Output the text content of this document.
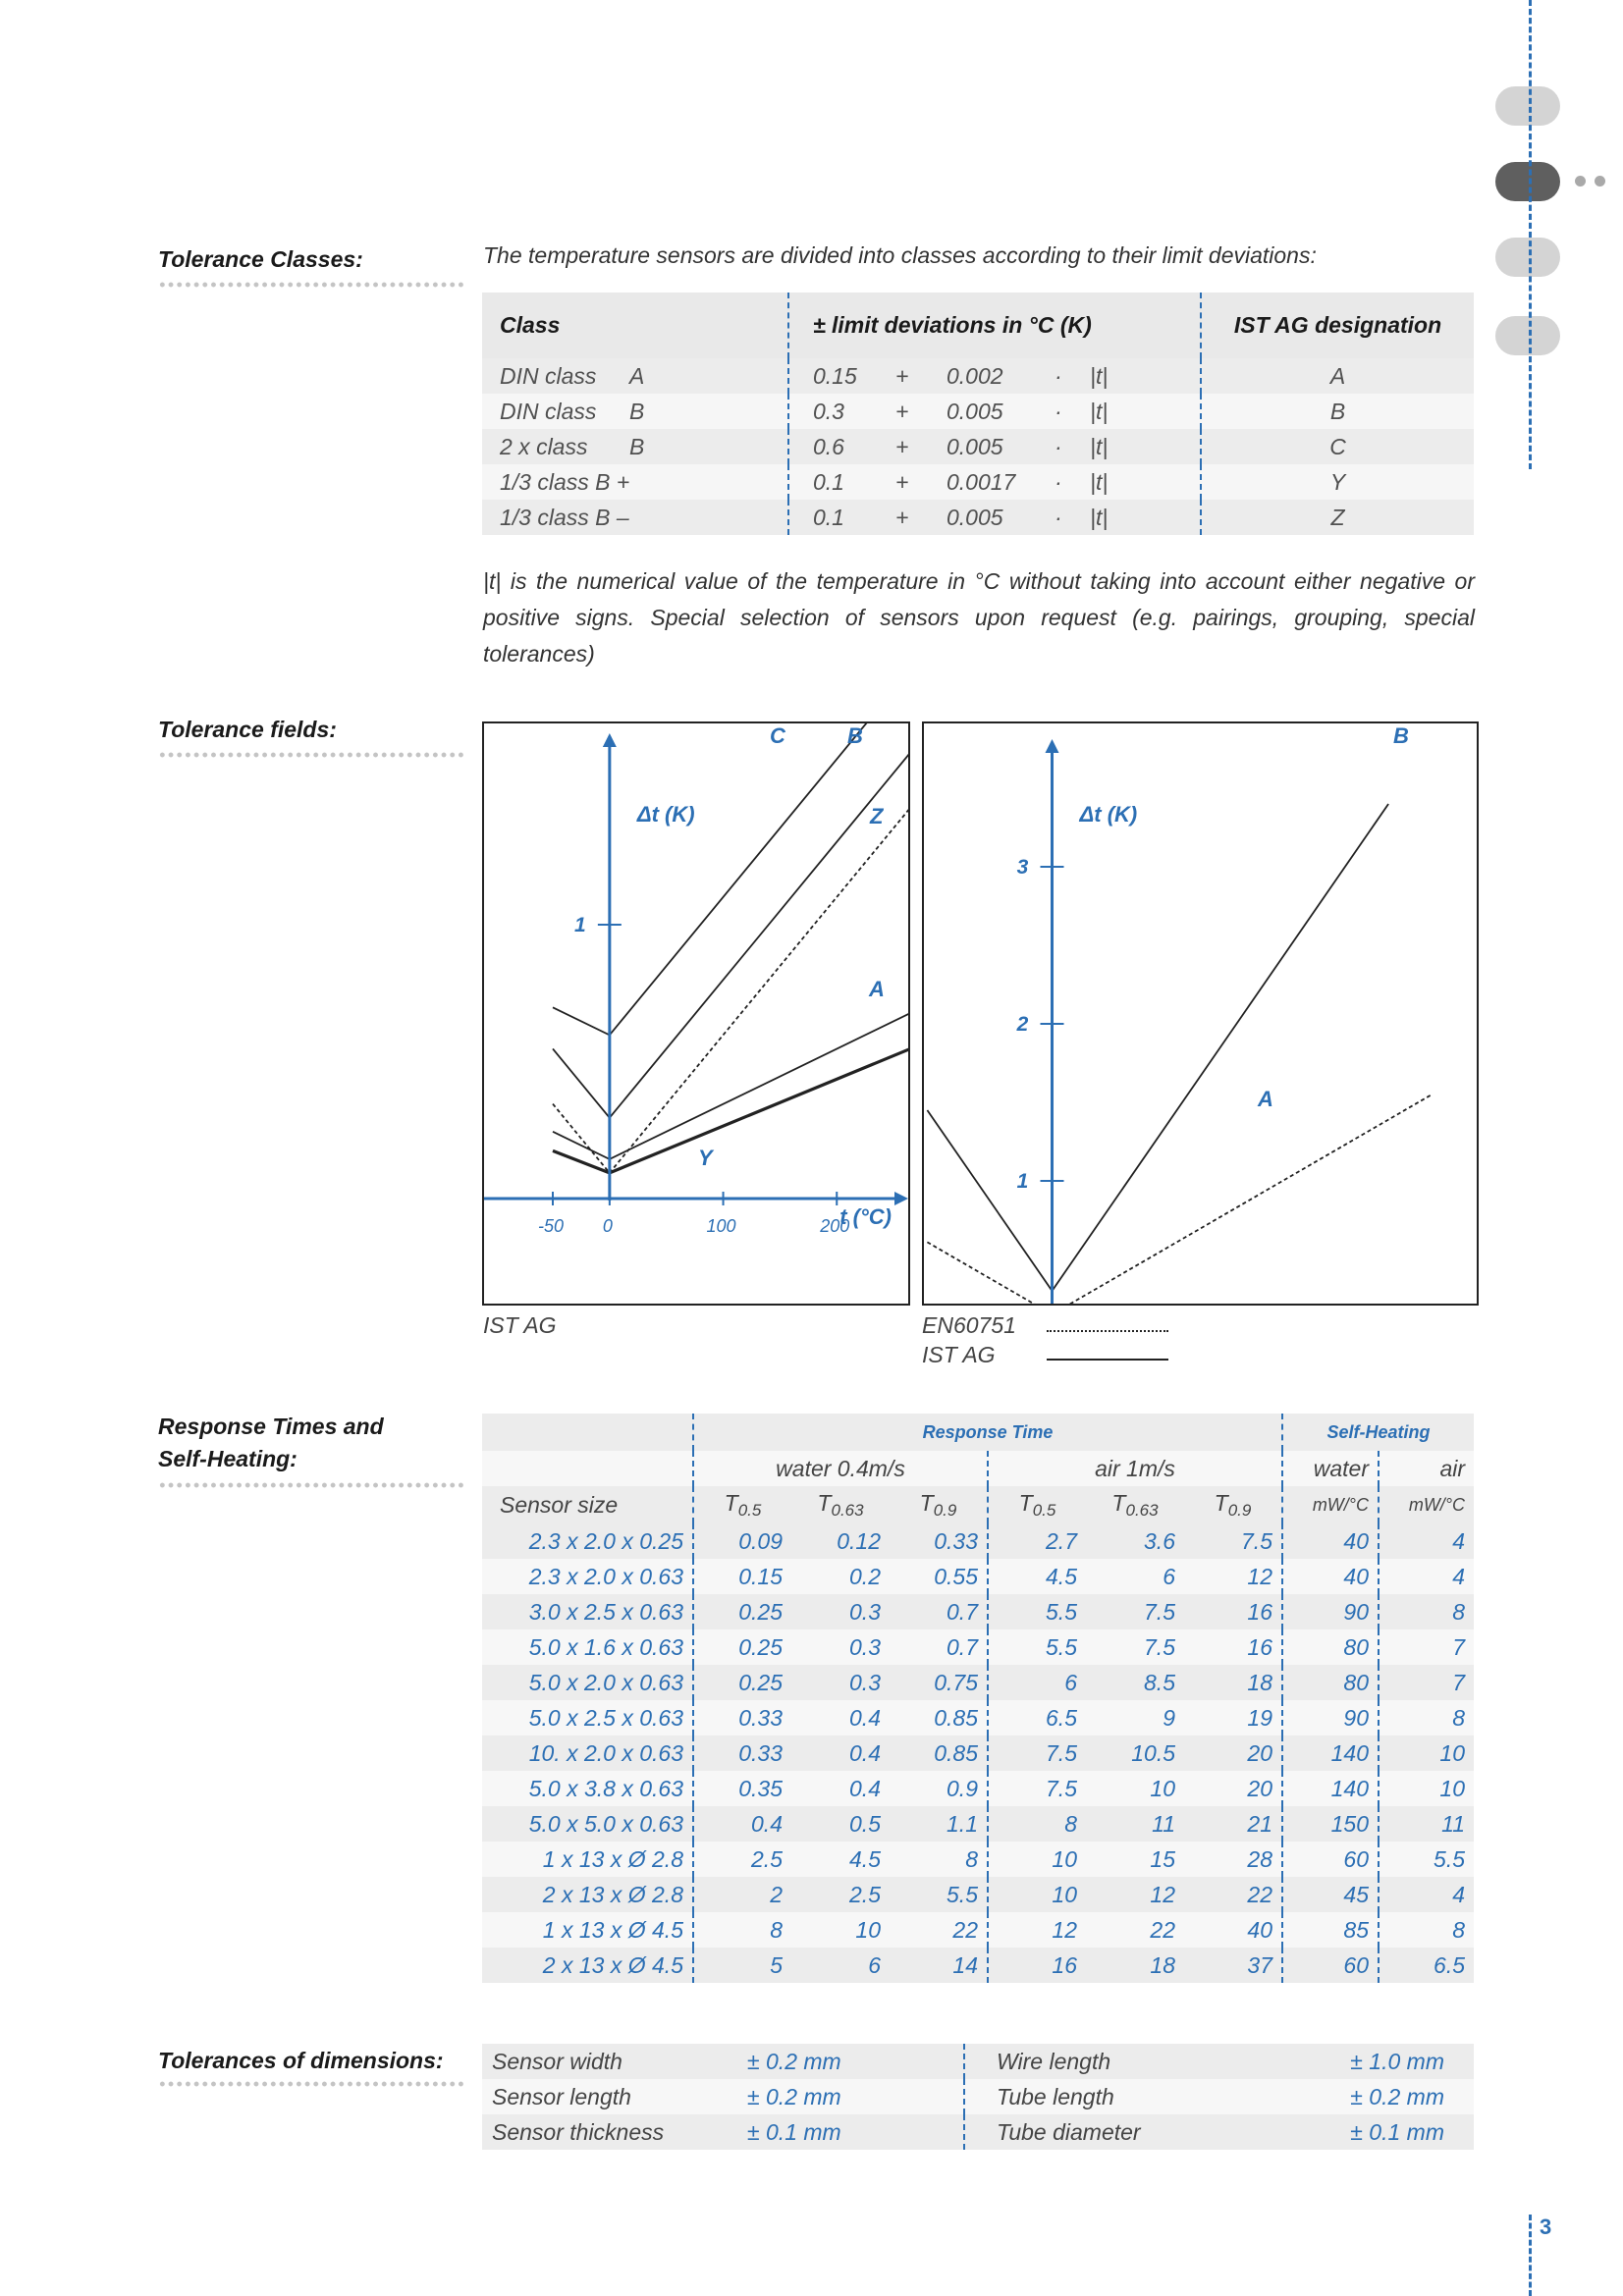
Tolerance Classes:	The temperature sensors are divided into classes according to their limit deviations:
Class	± limit deviations in °C (K)	IST AG designation
DIN class A	0.15 + 0.002 · |t|	A
DIN class B	0.3 + 0.005 · |t|	B
2 x class B	0.6 + 0.005 · |t|	C
1/3 class B +	0.1 + 0.0017 · |t|	Y
1/3 class B –	0.1 + 0.005 · |t|	Z
|t| is the numerical value of the temperature in °C without taking into account either negative or positive signs. Special selection of sensors upon request (e.g. pairings, grouping, special tolerances)
Tolerance fields:
-50 0	100	200
1
Δt (K)
t (°C)
C	B
Z
A
Y
IST AG
1
2
3
Δt (K)
B
A
EN60751
IST AG
Response Times and
Self-Heating:
	Response Time						Self-Heating	
	water 0.4m/s			air 1m/s			water	air
Sensor size	$T_{0.5}$	$T_{0.63}$	$T_{0.9}$	$T_{0.5}$	$T_{0.63}$	$T_{0.9}$	mW/°C	mW/°C
2.3 x 2.0 x 0.25	0.09	0.12	0.33	2.7	3.6	7.5	40	4
2.3 x 2.0 x 0.63	0.15	0.2	0.55	4.5	6	12	40	4
3.0 x 2.5 x 0.63	0.25	0.3	0.7	5.5	7.5	16	90	8
5.0 x 1.6 x 0.63	0.25	0.3	0.7	5.5	7.5	16	80	7
5.0 x 2.0 x 0.63	0.25	0.3	0.75	6	8.5	18	80	7
5.0 x 2.5 x 0.63	0.33	0.4	0.85	6.5	9	19	90	8
10. x 2.0 x 0.63	0.33	0.4	0.85	7.5	10.5	20	140	10
5.0 x 3.8 x 0.63	0.35	0.4	0.9	7.5	10	20	140	10
5.0 x 5.0 x 0.63	0.4	0.5	1.1	8	11	21	150	11
1 x 13 x Ø 2.8	2.5	4.5	8	10	15	28	60	5.5
2 x 13 x Ø 2.8	2	2.5	5.5	10	12	22	45	4
1 x 13 x Ø 4.5	8	10	22	12	22	40	85	8
2 x 13 x Ø 4.5	5	6	14	16	18	37	60	6.5
Tolerances of dimensions:	Sensor width	± 0.2 mm	Wire length	± 1.0 mm
Sensor length	± 0.2 mm	Tube length	± 0.2 mm
Sensor thickness	± 0.1 mm	Tube diameter	± 0.1 mm
3
